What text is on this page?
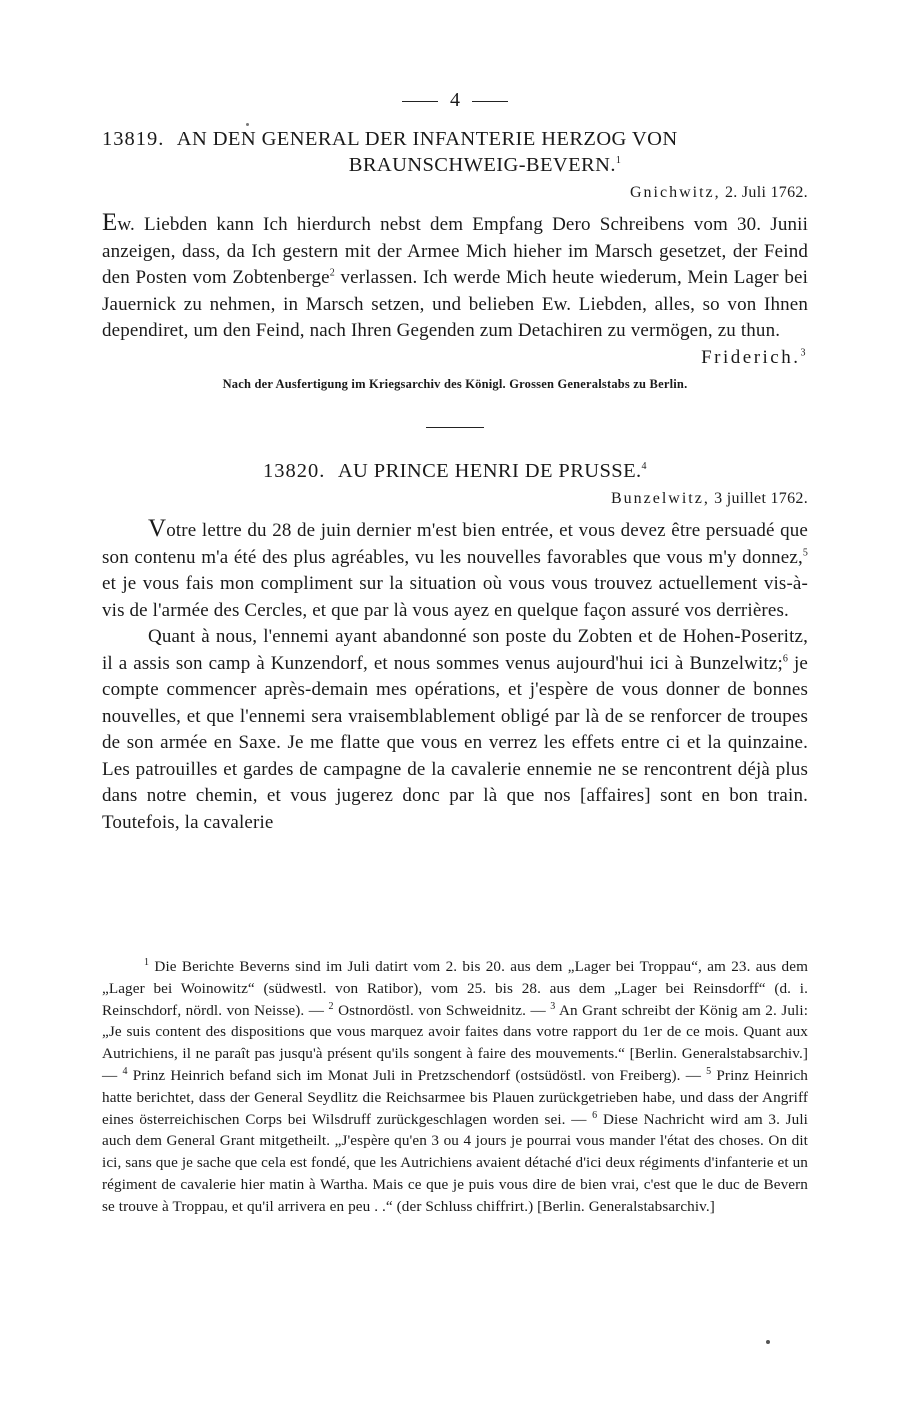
4
13819. AN DEN GENERAL DER INFANTERIE HERZOG VON
BRAUNSCHWEIG-BEVERN.$^1$
Gnichwitz, 2. Juli 1762.

Ew. Liebden kann Ich hierdurch nebst dem Empfang Dero Schreibens vom 30. Junii anzeigen, dass, da Ich gestern mit der Armee Mich hieher im Marsch gesetzet, der Feind den Posten vom Zobtenberge$^2$ verlassen. Ich werde Mich heute wiederum, Mein Lager bei Jauernick zu nehmen, in Marsch setzen, und belieben Ew. Liebden, alles, so von Ihnen dependiret, um den Feind, nach Ihren Gegenden zum Detachiren zu vermögen, zu thun.

Friderich.$^3$
Nach der Ausfertigung im Kriegsarchiv des Königl. Grossen Generalstabs zu Berlin.
13820. AU PRINCE HENRI DE PRUSSE.$^4$
Bunzelwitz, 3 juillet 1762.

Votre lettre du 28 de juin dernier m'est bien entrée, et vous devez être persuadé que son contenu m'a été des plus agréables, vu les nouvelles favorables que vous m'y donnez,$^5$ et je vous fais mon compliment sur la situation où vous vous trouvez actuellement vis-à-vis de l'armée des Cercles, et que par là vous ayez en quelque façon assuré vos derrières.

Quant à nous, l'ennemi ayant abandonné son poste du Zobten et de Hohen-Poseritz, il a assis son camp à Kunzendorf, et nous sommes venus aujourd'hui ici à Bunzelwitz;$^6$ je compte commencer après-demain mes opérations, et j'espère de vous donner de bonnes nouvelles, et que l'ennemi sera vraisemblablement obligé par là de se renforcer de troupes de son armée en Saxe. Je me flatte que vous en verrez les effets entre ci et la quinzaine. Les patrouilles et gardes de campagne de la cavalerie ennemie ne se rencontrent déjà plus dans notre chemin, et vous jugerez donc par là que nos [affaires] sont en bon train. Toutefois, la cavalerie

$^1$ Die Berichte Beverns sind im Juli datirt vom 2. bis 20. aus dem „Lager bei Troppau“, am 23. aus dem „Lager bei Woinowitz“ (südwestl. von Ratibor), vom 25. bis 28. aus dem „Lager bei Reinsdorff“ (d. i. Reinschdorf, nördl. von Neisse). — $^2$ Ostnordöstl. von Schweidnitz. — $^3$ An Grant schreibt der König am 2. Juli: „Je suis content des dispositions que vous marquez avoir faites dans votre rapport du 1er de ce mois. Quant aux Autrichiens, il ne paraît pas jusqu'à présent qu'ils songent à faire des mouvements.“ [Berlin. Generalstabsarchiv.] — $^4$ Prinz Heinrich befand sich im Monat Juli in Pretzschendorf (ostsüdöstl. von Freiberg). — $^5$ Prinz Heinrich hatte berichtet, dass der General Seydlitz die Reichsarmee bis Plauen zurückgetrieben habe, und dass der Angriff eines österreichischen Corps bei Wilsdruff zurückgeschlagen worden sei. — $^6$ Diese Nachricht wird am 3. Juli auch dem General Grant mitgetheilt. „J'espère qu'en 3 ou 4 jours je pourrai vous mander l'état des choses. On dit ici, sans que je sache que cela est fondé, que les Autrichiens avaient détaché d'ici deux régiments d'infanterie et un régiment de cavalerie hier matin à Wartha. Mais ce que je puis vous dire de bien vrai, c'est que le duc de Bevern se trouve à Troppau, et qu'il arrivera en peu . .“ (der Schluss chiffrirt.) [Berlin. Generalstabsarchiv.]
